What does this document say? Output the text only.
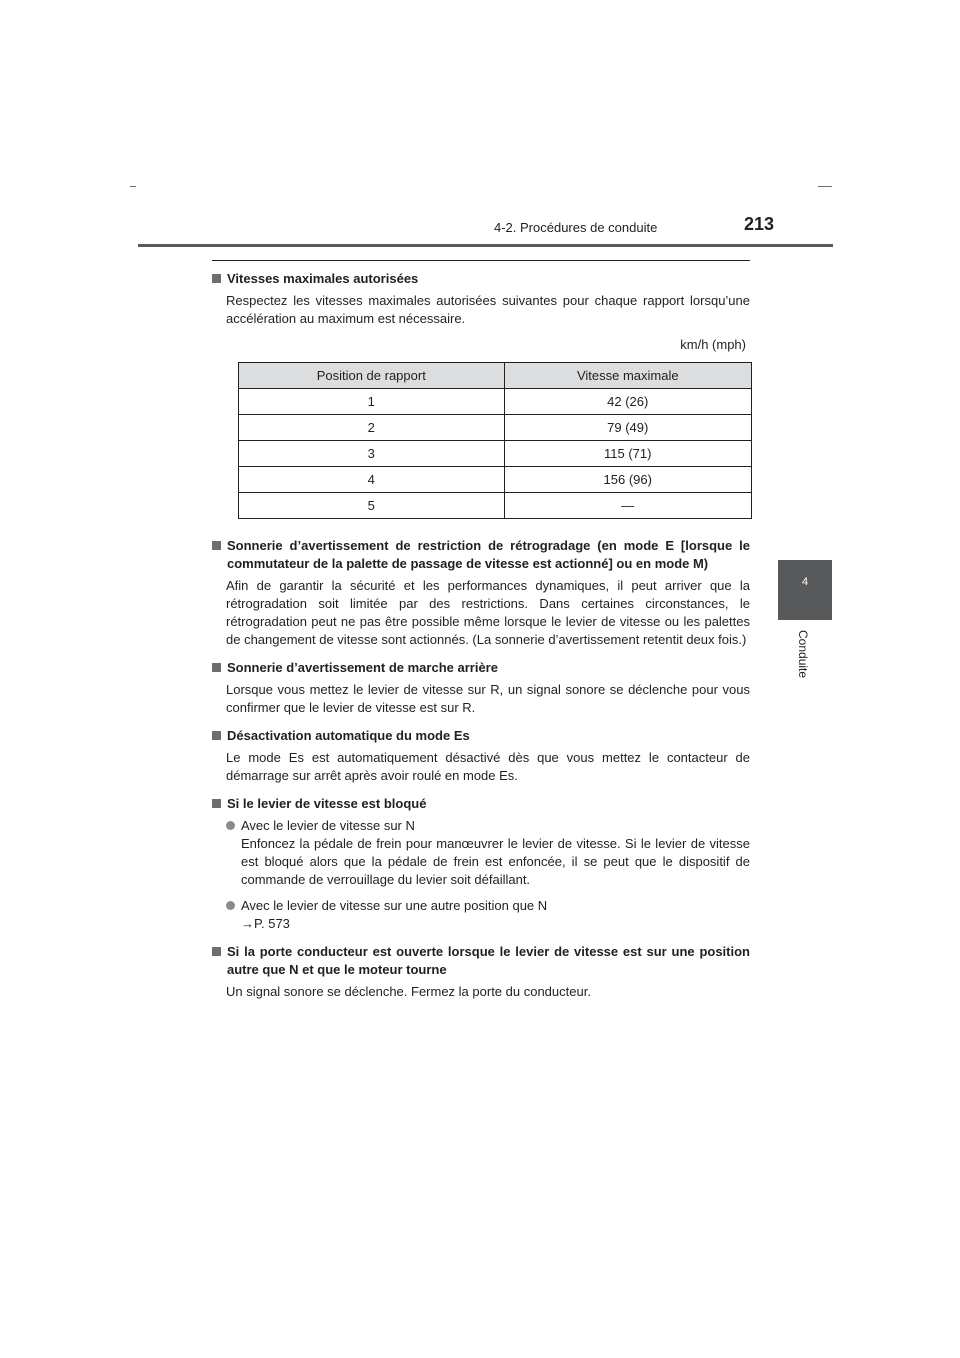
4-2. Procédures de conduite	213
4
Conduite
Vitesses maximales autorisées
Respectez les vitesses maximales autorisées suivantes pour chaque rapport lorsqu’une accélération au maximum est nécessaire.
km/h (mph)
Position de rapport	Vitesse maximale
1	42 (26)
2	79 (49)
3	115 (71)
4	156 (96)
5	—
Sonnerie d’avertissement de restriction de rétrogradage (en mode E [lorsque le commutateur de la palette de passage de vitesse est actionné] ou en mode M)
Afin de garantir la sécurité et les performances dynamiques, il peut arriver que la rétrogradation soit limitée par des restrictions. Dans certaines circonstances, le rétrogradation peut ne pas être possible même lorsque le levier de vitesse ou les palettes de changement de vitesse sont actionnés. (La sonnerie d’avertissement retentit deux fois.)
Sonnerie d’avertissement de marche arrière
Lorsque vous mettez le levier de vitesse sur R, un signal sonore se déclenche pour vous confirmer que le levier de vitesse est sur R.
Désactivation automatique du mode Es
Le mode Es est automatiquement désactivé dès que vous mettez le contacteur de démarrage sur arrêt après avoir roulé en mode Es.
Si le levier de vitesse est bloqué
Avec le levier de vitesse sur N
Enfoncez la pédale de frein pour manœuvrer le levier de vitesse. Si le levier de vitesse est bloqué alors que la pédale de frein est enfoncée, il se peut que le dispositif de commande de verrouillage du levier soit défaillant.
Avec le levier de vitesse sur une autre position que N
→P. 573
Si la porte conducteur est ouverte lorsque le levier de vitesse est sur une position autre que N et que le moteur tourne
Un signal sonore se déclenche. Fermez la porte du conducteur.
